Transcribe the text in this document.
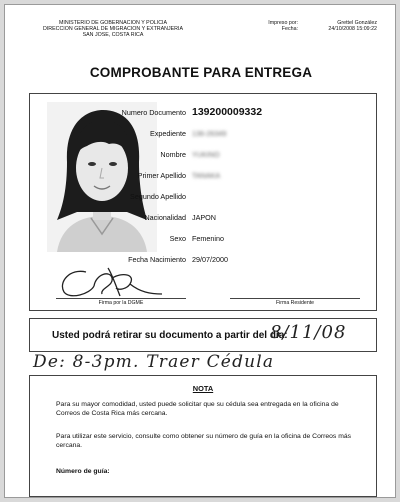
MINISTERIO DE GOBERNACION Y POLICIA
DIRECCION GENERAL DE MIGRACION Y EXTRANJERIA
SAN JOSE, COSTA RICA
Impreso por:
Fecha:
Grettel González
24/10/2008 15:09:22
COMPROBANTE PARA ENTREGA
Numero Documento 139200009332
Expediente 136-26349
Nombre YUKINO
Primer Apellido TANAKA
Segundo Apellido
Nacionalidad JAPON
Sexo Femenino
Fecha Nacimiento 29/07/2000
Firma por la DGME	Firma Residente
Usted podrá retirar su documento a partir del día:
8/11/08
De: 8-3pm. Traer Cédula
NOTA
Para su mayor comodidad, usted puede solicitar que su cédula sea entregada en la oficina de Correos de Costa Rica más cercana.
Para utilizar este servicio, consulte como obtener su número de guía en la oficina de Correos más cercana.
Número de guía:
